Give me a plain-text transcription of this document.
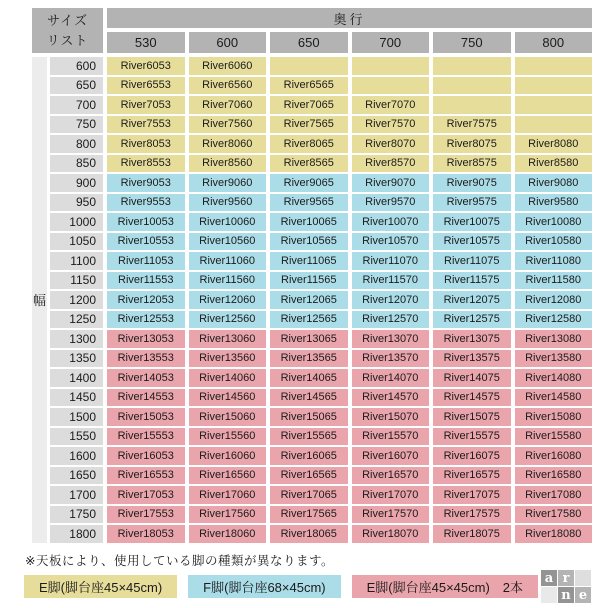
サイズ
リスト
奥行
530	600	650	700	750	800
幅
600	River6053	River6060
650	River6553	River6560	River6565
700	River7053	River7060	River7065	River7070
750	River7553	River7560	River7565	River7570	River7575
800	River8053	River8060	River8065	River8070	River8075	River8080
850	River8553	River8560	River8565	River8570	River8575	River8580
900	River9053	River9060	River9065	River9070	River9075	River9080
950	River9553	River9560	River9565	River9570	River9575	River9580
1000	River10053	River10060	River10065	River10070	River10075	River10080
1050	River10553	River10560	River10565	River10570	River10575	River10580
1100	River11053	River11060	River11065	River11070	River11075	River11080
1150	River11553	River11560	River11565	River11570	River11575	River11580
1200	River12053	River12060	River12065	River12070	River12075	River12080
1250	River12553	River12560	River12565	River12570	River12575	River12580
1300	River13053	River13060	River13065	River13070	River13075	River13080
1350	River13553	River13560	River13565	River13570	River13575	River13580
1400	River14053	River14060	River14065	River14070	River14075	River14080
1450	River14553	River14560	River14565	River14570	River14575	River14580
1500	River15053	River15060	River15065	River15070	River15075	River15080
1550	River15553	River15560	River15565	River15570	River15575	River15580
1600	River16053	River16060	River16065	River16070	River16075	River16080
1650	River16553	River16560	River16565	River16570	River16575	River16580
1700	River17053	River17060	River17065	River17070	River17075	River17080
1750	River17553	River17560	River17565	River17570	River17575	River17580
1800	River18053	River18060	River18065	River18070	River18075	River18080
※天板により、使用している脚の種類が異なります。
E脚(脚台座45×45cm)	F脚(脚台座68×45cm)	E脚(脚台座45×45cm)　2本
a r
n e
